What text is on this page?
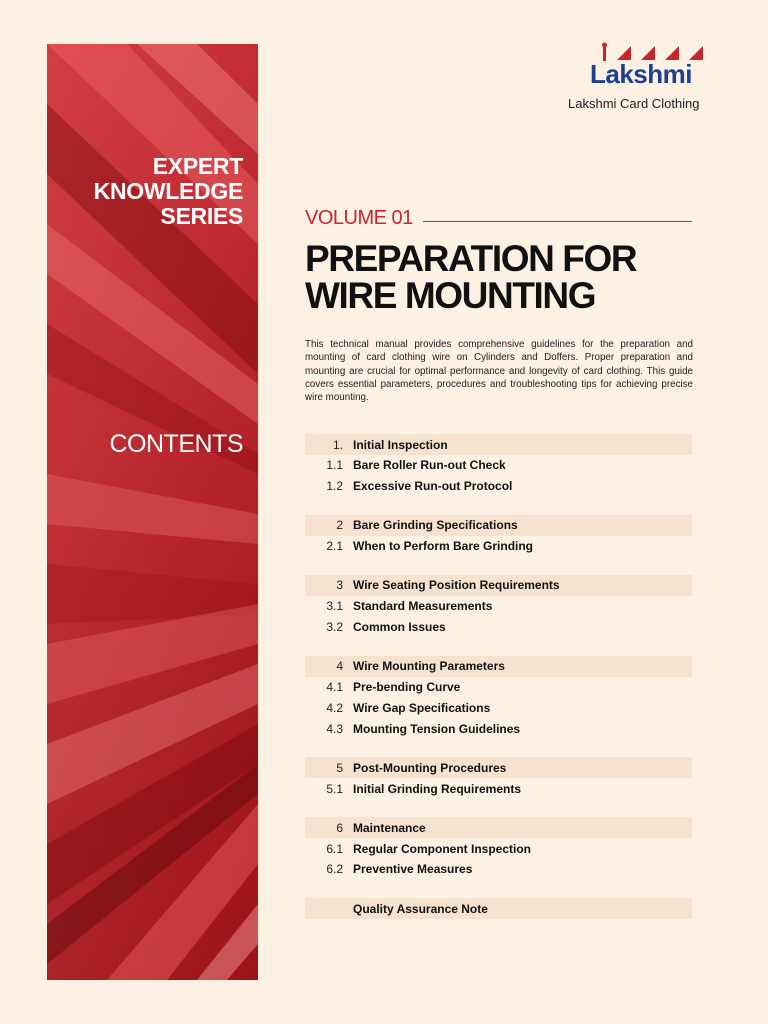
EXPERT
KNOWLEDGE
SERIES
CONTENTS
Lakshmi
Lakshmi Card Clothing
VOLUME 01
PREPARATION FOR
WIRE MOUNTING

This technical manual provides comprehensive guidelines for the preparation and mounting of card clothing wire on Cylinders and Doffers. Proper preparation and mounting are crucial for optimal performance and longevity of card clothing. This guide covers essential parameters, procedures and troubleshooting tips for achieving precise wire mounting.

1. Initial Inspection
1.1 Bare Roller Run-out Check
1.2 Excessive Run-out Protocol
2 Bare Grinding Specifications
2.1 When to Perform Bare Grinding
3 Wire Seating Position Requirements
3.1 Standard Measurements
3.2 Common Issues
4 Wire Mounting Parameters
4.1 Pre-bending Curve
4.2 Wire Gap Specifications
4.3 Mounting Tension Guidelines
5 Post-Mounting Procedures
5.1 Initial Grinding Requirements
6 Maintenance
6.1 Regular Component Inspection
6.2 Preventive Measures
Quality Assurance Note
